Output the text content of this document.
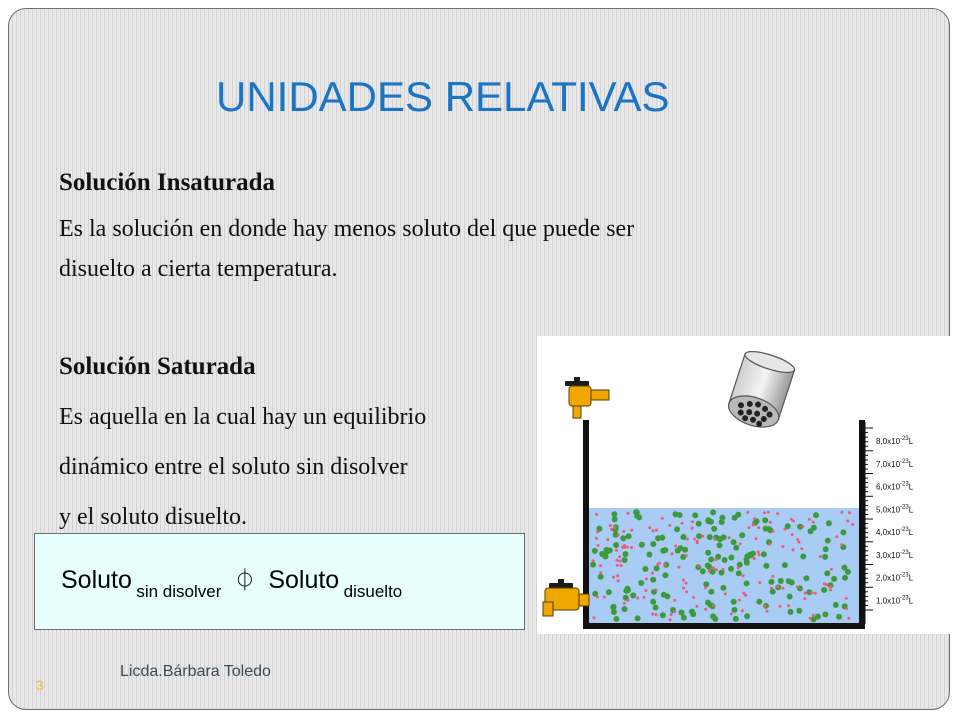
UNIDADES RELATIVAS
Solución Insaturada
Es la solución en donde hay menos soluto del que puede ser
disuelto a cierta temperatura.
Solución Saturada
Es aquella en la cual hay un equilibrio
dinámico entre el soluto sin disolver
y el soluto disuelto.
Licda.Bárbara Toledo
3
Soluto sin disolver ⏀ Soluto disuelto
$8,0x10^{-23}L$
$7,0x10^{-23}L$
$6,0x10^{-23}L$
$5,0x10^{-23}L$
$4,0x10^{-23}L$
$3,0x10^{-23}L$
$2,0x10^{-23}L$
$1,0x10^{-23}L$
